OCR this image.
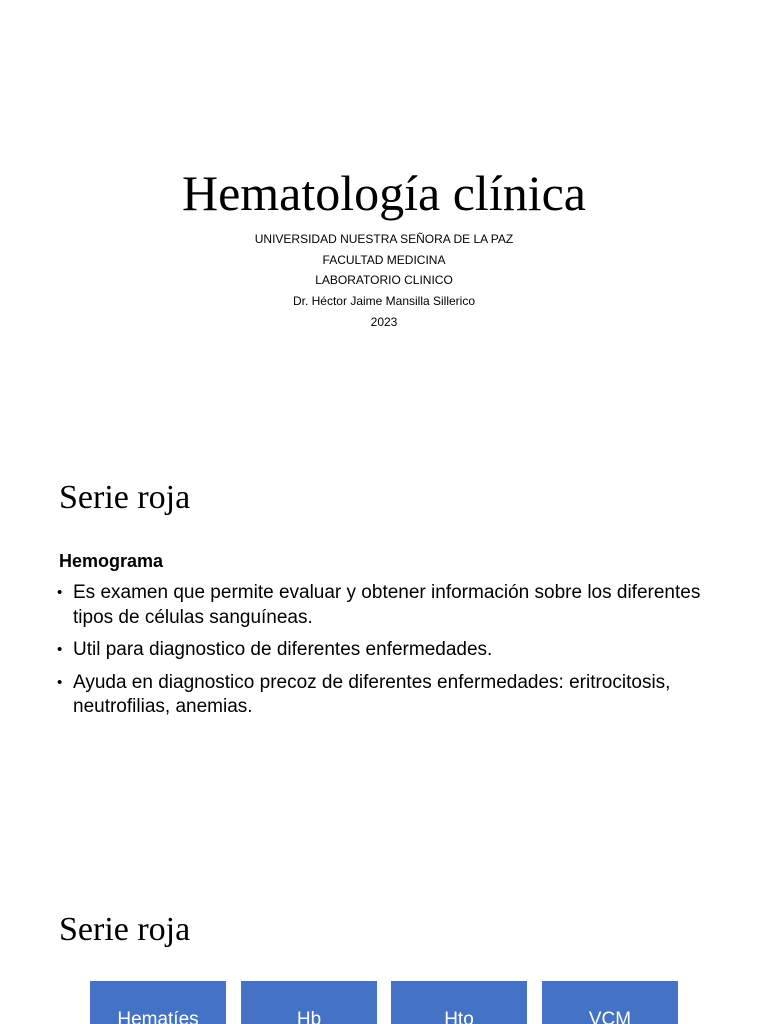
Hematología clínica
UNIVERSIDAD NUESTRA SEÑORA DE LA PAZ
FACULTAD MEDICINA
LABORATORIO CLINICO
Dr. Héctor Jaime Mansilla Sillerico
2023
Serie roja
Hemograma
• Es examen que permite evaluar y obtener información sobre los diferentes tipos de células sanguíneas.
• Util para diagnostico de diferentes enfermedades.
• Ayuda en diagnostico precoz de diferentes enfermedades: eritrocitosis, neutrofilias, anemias.
Serie roja
Hematíes	Hb	Hto	VCM
